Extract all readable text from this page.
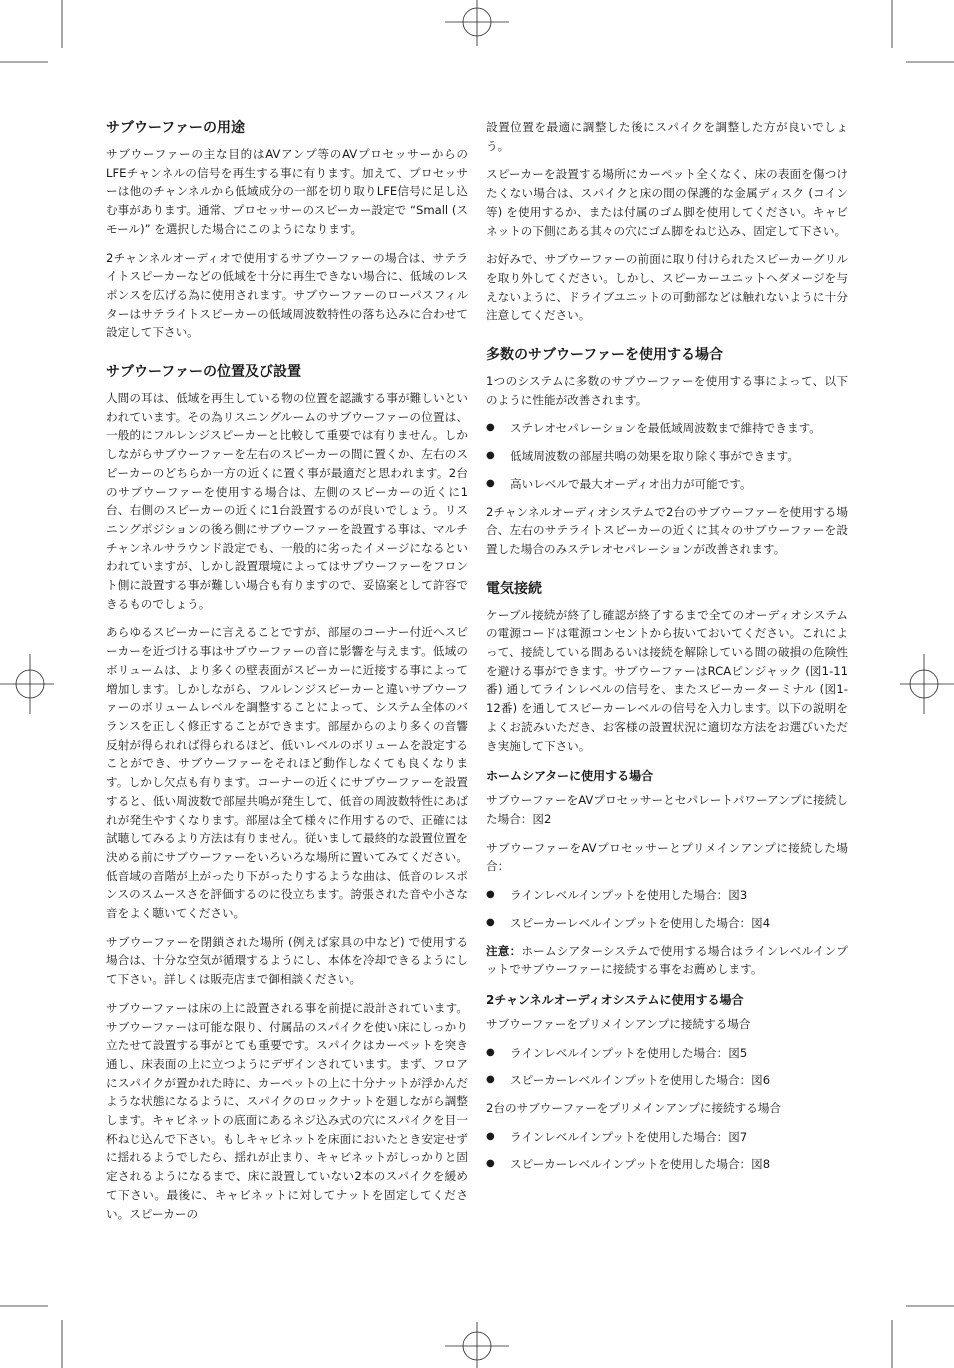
サブウーファーの用途

サブウーファーの主な目的はAVアンプ等のAVプロセッサーからのLFEチャンネルの信号を再生する事に有ります。加えて、プロセッサーは他のチャンネルから低域成分の一部を切り取りLFE信号に足し込む事があります。通常、プロセッサーのスピーカー設定で “Small (スモール)” を選択した場合にこのようになります。

2チャンネルオーディオで使用するサブウーファーの場合は、サテライトスピーカーなどの低域を十分に再生できない場合に、低域のレスポンスを広げる為に使用されます。サブウーファーのローパスフィルターはサテライトスピーカーの低域周波数特性の落ち込みに合わせて設定して下さい。

サブウーファーの位置及び設置

人間の耳は、低域を再生している物の位置を認識する事が難しいといわれています。その為リスニングルームのサブウーファーの位置は、一般的にフルレンジスピーカーと比較して重要では有りません。しかしながらサブウーファーを左右のスピーカーの間に置くか、左右のスピーカーのどちらか一方の近くに置く事が最適だと思われます。2台のサブウーファーを使用する場合は、左側のスピーカーの近くに1台、右側のスピーカーの近くに1台設置するのが良いでしょう。リスニングポジションの後ろ側にサブウーファーを設置する事は、マルチチャンネルサラウンド設定でも、一般的に劣ったイメージになるといわれていますが、しかし設置環境によってはサブウーファーをフロント側に設置する事が難しい場合も有りますので、妥協案として許容できるものでしょう。

あらゆるスピーカーに言えることですが、部屋のコーナー付近へスピーカーを近づける事はサブウーファーの音に影響を与えます。低域のボリュームは、より多くの壁表面がスピーカーに近接する事によって増加します。しかしながら、フルレンジスピーカーと違いサブウーファーのボリュームレベルを調整することによって、システム全体のバランスを正しく修正することができます。部屋からのより多くの音響反射が得られれば得られるほど、低いレベルのボリュームを設定することができ、サブウーファーをそれほど動作しなくても良くなります。しかし欠点も有ります。コーナーの近くにサブウーファーを設置すると、低い周波数で部屋共鳴が発生して、低音の周波数特性にあばれが発生やすくなります。部屋は全て様々に作用するので、正確には試聴してみるより方法は有りません。従いまして最終的な設置位置を決める前にサブウーファーをいろいろな場所に置いてみてください。低音域の音階が上がったり下がったりするような曲は、低音のレスポンスのスムースさを評価するのに役立ちます。誇張された音や小さな音をよく聴いてください。

サブウーファーを閉鎖された場所 (例えば家具の中など) で使用する場合は、十分な空気が循環するようにし、本体を冷却できるようにして下さい。詳しくは販売店まで御相談ください。

サブウーファーは床の上に設置される事を前提に設計されています。サブウーファーは可能な限り、付属品のスパイクを使い床にしっかり立たせて設置する事がとても重要です。スパイクはカーペットを突き通し、床表面の上に立つようにデザインされています。まず、フロアにスパイクが置かれた時に、カーペットの上に十分ナットが浮かんだような状態になるように、スパイクのロックナットを廻しながら調整します。キャビネットの底面にあるネジ込み式の穴にスパイクを目一杯ねじ込んで下さい。もしキャビネットを床面においたとき安定せずに揺れるようでしたら、揺れが止まり、キャビネットがしっかりと固定されるようになるまで、床に設置していない2本のスパイクを緩めて下さい。最後に、キャビネットに対してナットを固定してください。スピーカーの

設置位置を最適に調整した後にスパイクを調整した方が良いでしょう。

スピーカーを設置する場所にカーペット全くなく、床の表面を傷つけたくない場合は、スパイクと床の間の保護的な金属ディスク (コイン等) を使用するか、または付属のゴム脚を使用してください。キャビネットの下側にある其々の穴にゴム脚をねじ込み、固定して下さい。

お好みで、サブウーファーの前面に取り付けられたスピーカーグリルを取り外してください。しかし、スピーカーユニットへダメージを与えないように、ドライブユニットの可動部などは触れないように十分注意してください。

多数のサブウーファーを使用する場合

1つのシステムに多数のサブウーファーを使用する事によって、以下のように性能が改善されます。

● ステレオセパレーションを最低域周波数まで維持できます。
● 低域周波数の部屋共鳴の効果を取り除く事ができます。
● 高いレベルで最大オーディオ出力が可能です。

2チャンネルオーディオシステムで2台のサブウーファーを使用する場合、左右のサテライトスピーカーの近くに其々のサブウーファーを設置した場合のみステレオセパレーションが改善されます。

電気接続

ケーブル接続が終了し確認が終了するまで全てのオーディオシステムの電源コードは電源コンセントから抜いておいてください。これによって、接続している間あるいは接続を解除している間の破損の危険性を避ける事ができます。サブウーファーはRCAピンジャック (図1-11番) 通してラインレベルの信号を、またスピーカーターミナル (図1-12番) を通してスピーカーレベルの信号を入力します。以下の説明をよくお読みいただき、お客様の設置状況に適切な方法をお選びいただき実施して下さい。

ホームシアターに使用する場合

サブウーファーをAVプロセッサーとセパレートパワーアンプに接続した場合：図2

サブウーファーをAVプロセッサーとプリメインアンプに接続した場合：

● ラインレベルインプットを使用した場合：図3
● スピーカーレベルインプットを使用した場合：図4

注意：ホームシアターシステムで使用する場合はラインレベルインプットでサブウーファーに接続する事をお薦めします。

2チャンネルオーディオシステムに使用する場合

サブウーファーをプリメインアンプに接続する場合

● ラインレベルインプットを使用した場合：図5
● スピーカーレベルインプットを使用した場合：図6

2台のサブウーファーをプリメインアンプに接続する場合

● ラインレベルインプットを使用した場合：図7
● スピーカーレベルインプットを使用した場合：図8
